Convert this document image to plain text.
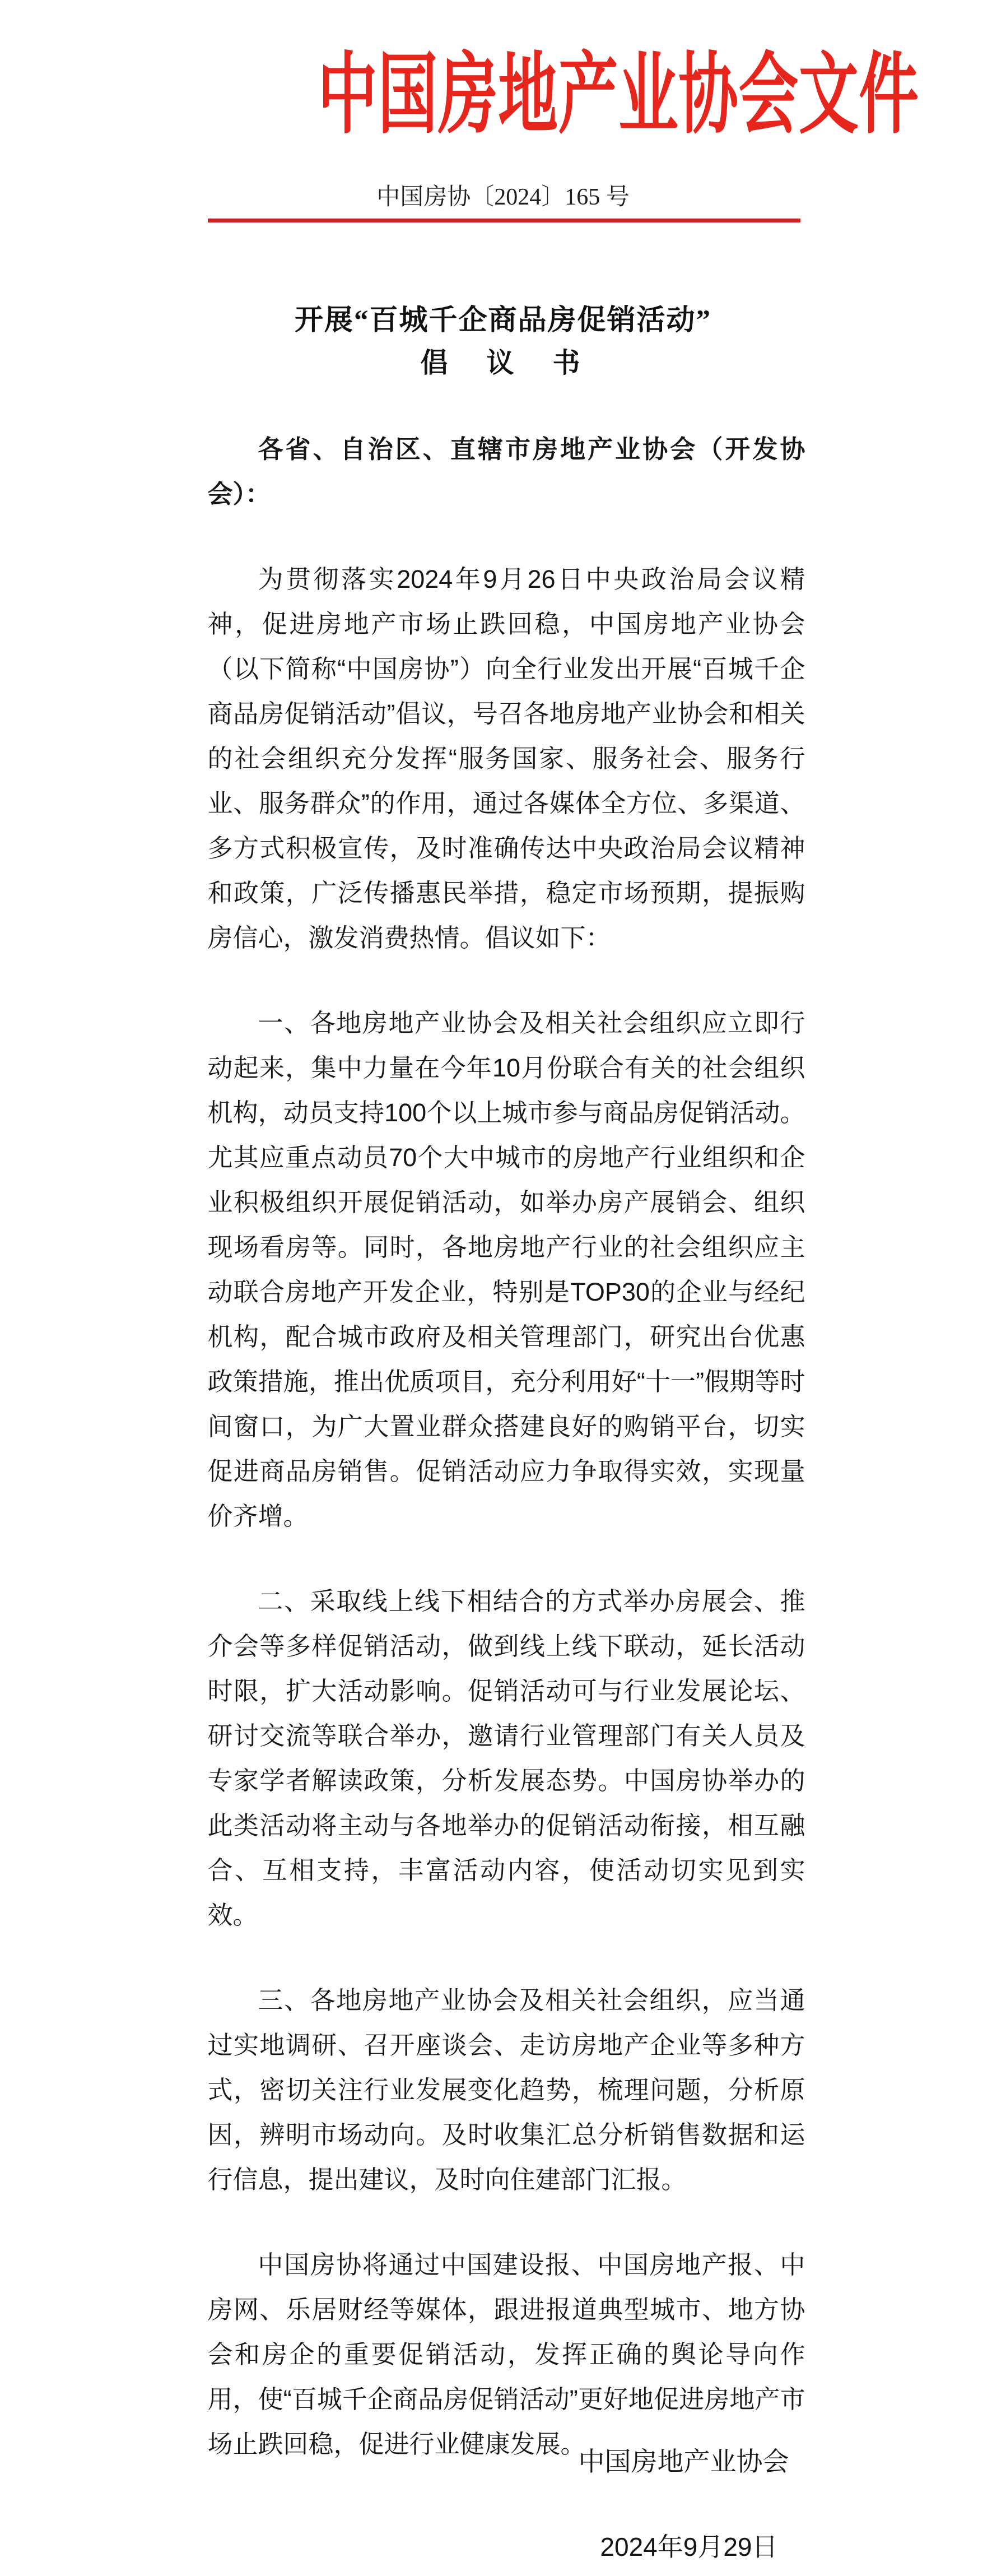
中国房地产业协会文件
中国房协〔2024〕165 号
开展“百城千企商品房促销活动”
倡　议　书

各省、自治区、直辖市房地产业协会（开发协会）：

为贯彻落实2024年9月26日中央政治局会议精神，促进房地产市场止跌回稳，中国房地产业协会（以下简称“中国房协”）向全行业发出开展“百城千企商品房促销活动”倡议，号召各地房地产业协会和相关的社会组织充分发挥“服务国家、服务社会、服务行业、服务群众”的作用，通过各媒体全方位、多渠道、多方式积极宣传，及时准确传达中央政治局会议精神和政策，广泛传播惠民举措，稳定市场预期，提振购房信心，激发消费热情。倡议如下：

一、各地房地产业协会及相关社会组织应立即行动起来，集中力量在今年10月份联合有关的社会组织机构，动员支持100个以上城市参与商品房促销活动。尤其应重点动员70个大中城市的房地产行业组织和企业积极组织开展促销活动，如举办房产展销会、组织现场看房等。同时，各地房地产行业的社会组织应主动联合房地产开发企业，特别是TOP30的企业与经纪机构，配合城市政府及相关管理部门，研究出台优惠政策措施，推出优质项目，充分利用好“十一”假期等时间窗口，为广大置业群众搭建良好的购销平台，切实促进商品房销售。促销活动应力争取得实效，实现量价齐增。

二、采取线上线下相结合的方式举办房展会、推介会等多样促销活动，做到线上线下联动，延长活动时限，扩大活动影响。促销活动可与行业发展论坛、研讨交流等联合举办，邀请行业管理部门有关人员及专家学者解读政策，分析发展态势。中国房协举办的此类活动将主动与各地举办的促销活动衔接，相互融合、互相支持，丰富活动内容，使活动切实见到实效。

三、各地房地产业协会及相关社会组织，应当通过实地调研、召开座谈会、走访房地产企业等多种方式，密切关注行业发展变化趋势，梳理问题，分析原因，辨明市场动向。及时收集汇总分析销售数据和运行信息，提出建议，及时向住建部门汇报。

中国房协将通过中国建设报、中国房地产报、中房网、乐居财经等媒体，跟进报道典型城市、地方协会和房企的重要促销活动，发挥正确的舆论导向作用，使“百城千企商品房促销活动”更好地促进房地产市场止跌回稳，促进行业健康发展。

中国房地产业协会
2024年9月29日
